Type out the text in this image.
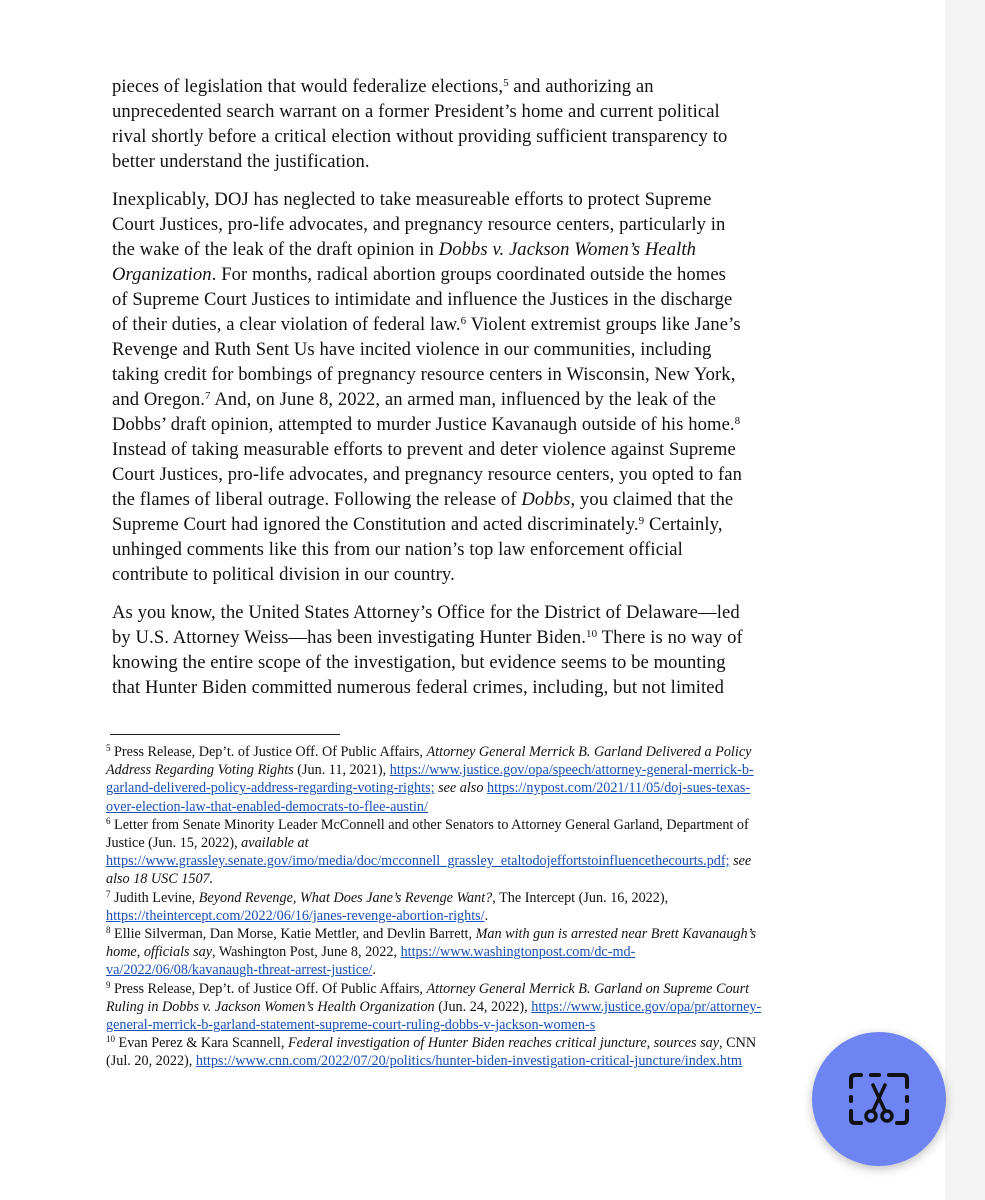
pieces of legislation that would federalize elections,$^5$ and authorizing an
unprecedented search warrant on a former President’s home and current political
rival shortly before a critical election without providing sufficient transparency to
better understand the justification.

Inexplicably, DOJ has neglected to take measureable efforts to protect Supreme
Court Justices, pro-life advocates, and pregnancy resource centers, particularly in
the wake of the leak of the draft opinion in Dobbs v. Jackson Women’s Health
Organization. For months, radical abortion groups coordinated outside the homes
of Supreme Court Justices to intimidate and influence the Justices in the discharge
of their duties, a clear violation of federal law.$^6$ Violent extremist groups like Jane’s
Revenge and Ruth Sent Us have incited violence in our communities, including
taking credit for bombings of pregnancy resource centers in Wisconsin, New York,
and Oregon.$^7$ And, on June 8, 2022, an armed man, influenced by the leak of the
Dobbs’ draft opinion, attempted to murder Justice Kavanaugh outside of his home.$^8$
Instead of taking measurable efforts to prevent and deter violence against Supreme
Court Justices, pro-life advocates, and pregnancy resource centers, you opted to fan
the flames of liberal outrage. Following the release of Dobbs, you claimed that the
Supreme Court had ignored the Constitution and acted discriminately.$^9$ Certainly,
unhinged comments like this from our nation’s top law enforcement official
contribute to political division in our country.

As you know, the United States Attorney’s Office for the District of Delaware—led
by U.S. Attorney Weiss—has been investigating Hunter Biden.$^{10}$ There is no way of
knowing the entire scope of the investigation, but evidence seems to be mounting
that Hunter Biden committed numerous federal crimes, including, but not limited

$^5$ Press Release, Dep’t. of Justice Off. Of Public Affairs, Attorney General Merrick B. Garland Delivered a Policy
Address Regarding Voting Rights (Jun. 11, 2021), https://www.justice.gov/opa/speech/attorney-general-merrick-b-
garland-delivered-policy-address-regarding-voting-rights; see also https://nypost.com/2021/11/05/doj-sues-texas-
over-election-law-that-enabled-democrats-to-flee-austin/

$^6$ Letter from Senate Minority Leader McConnell and other Senators to Attorney General Garland, Department of
Justice (Jun. 15, 2022), available at
https://www.grassley.senate.gov/imo/media/doc/mcconnell_grassley_etaltodojeffortstoinfluencethecourts.pdf; see
also 18 USC 1507.

$^7$ Judith Levine, Beyond Revenge, What Does Jane’s Revenge Want?, The Intercept (Jun. 16, 2022),
https://theintercept.com/2022/06/16/janes-revenge-abortion-rights/.

$^8$ Ellie Silverman, Dan Morse, Katie Mettler, and Devlin Barrett, Man with gun is arrested near Brett Kavanaugh’s
home, officials say, Washington Post, June 8, 2022, https://www.washingtonpost.com/dc-md-
va/2022/06/08/kavanaugh-threat-arrest-justice/.

$^9$ Press Release, Dep’t. of Justice Off. Of Public Affairs, Attorney General Merrick B. Garland on Supreme Court
Ruling in Dobbs v. Jackson Women’s Health Organization (Jun. 24, 2022), https://www.justice.gov/opa/pr/attorney-
general-merrick-b-garland-statement-supreme-court-ruling-dobbs-v-jackson-women-s

$^{10}$ Evan Perez & Kara Scannell, Federal investigation of Hunter Biden reaches critical juncture, sources say, CNN
(Jul. 20, 2022), https://www.cnn.com/2022/07/20/politics/hunter-biden-investigation-critical-juncture/index.htm
